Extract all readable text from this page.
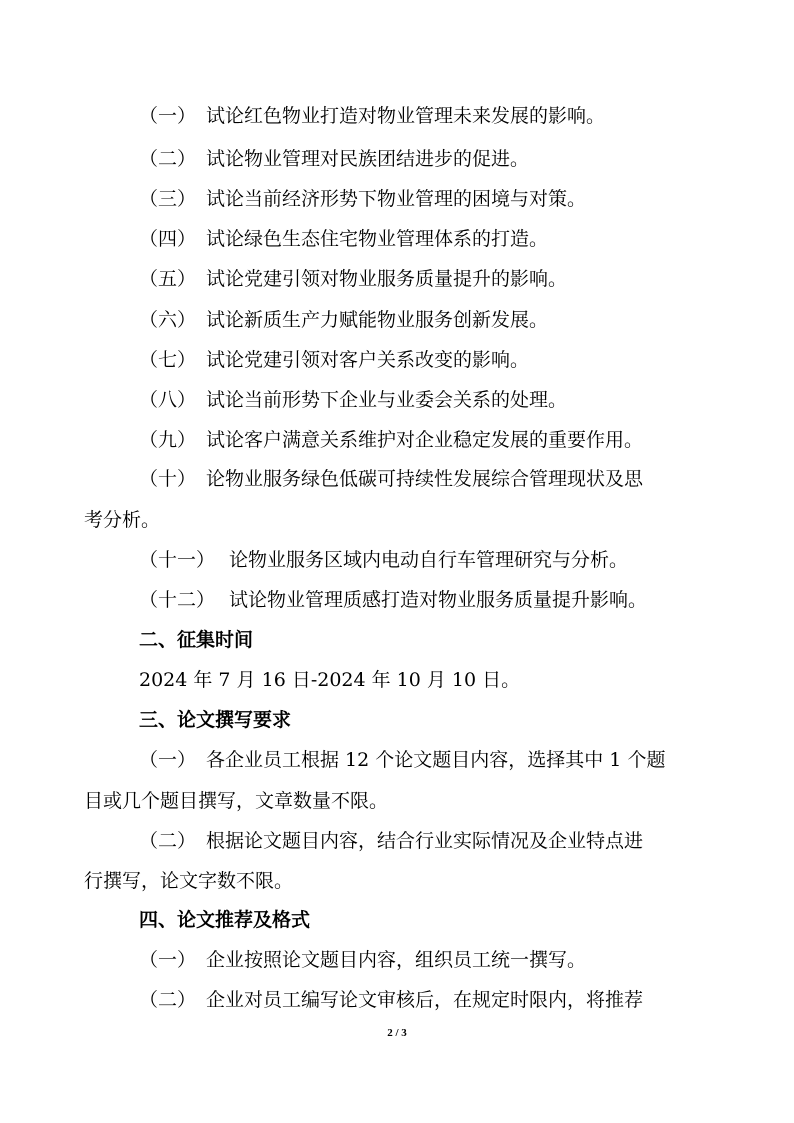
（一） 试论红色物业打造对物业管理未来发展的影响。
（二） 试论物业管理对民族团结进步的促进。
（三） 试论当前经济形势下物业管理的困境与对策。
（四） 试论绿色生态住宅物业管理体系的打造。
（五） 试论党建引领对物业服务质量提升的影响。
（六） 试论新质生产力赋能物业服务创新发展。
（七） 试论党建引领对客户关系改变的影响。
（八） 试论当前形势下企业与业委会关系的处理。
（九） 试论客户满意关系维护对企业稳定发展的重要作用。
（十） 论物业服务绿色低碳可持续性发展综合管理现状及思
考分析。
（十一） 论物业服务区域内电动自行车管理研究与分析。
（十二） 试论物业管理质感打造对物业服务质量提升影响。
二、征集时间
2024 年 7 月 16 日-2024 年 10 月 10 日。
三、论文撰写要求
（一） 各企业员工根据 12 个论文题目内容，选择其中 1 个题
目或几个题目撰写，文章数量不限。
（二） 根据论文题目内容，结合行业实际情况及企业特点进
行撰写，论文字数不限。
四、论文推荐及格式
（一） 企业按照论文题目内容，组织员工统一撰写。
（二） 企业对员工编写论文审核后，在规定时限内，将推荐
2 / 3
